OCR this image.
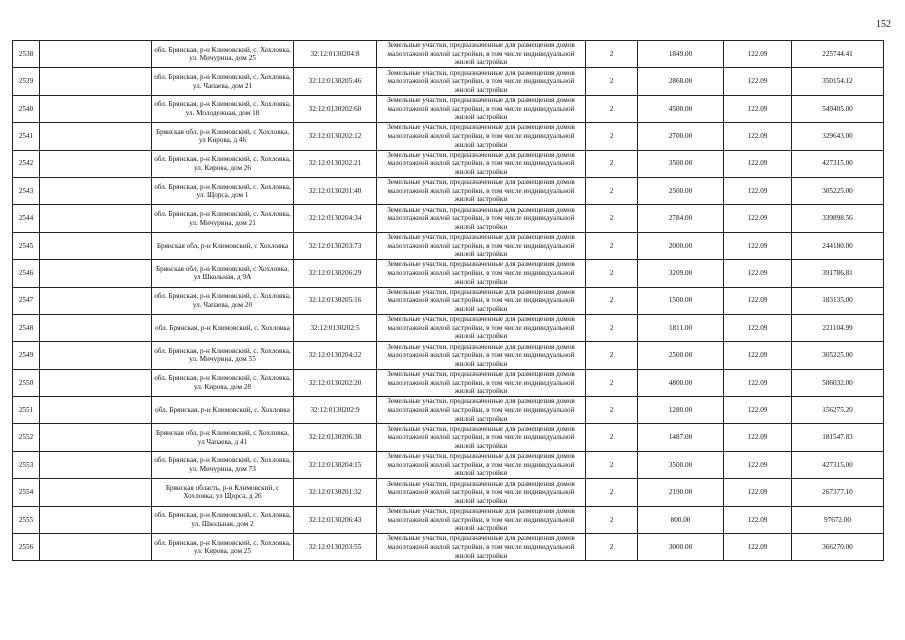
152
2538		обл. Брянская, р-н Климовский, с. Хохловка, ул. Мичурина, дом 25	32:12:0130204:8	Земельные участки, предназначенные для размещения домов малоэтажной жилой застройки, в том числе индивидуальной жилой застройки	2	1849.00	122.09	225744.41
2539		обл. Брянская, р-н Климовский, с. Хохловка, ул. Чапаева, дом 21	32:12:0130205:46	Земельные участки, предназначенные для размещения домов малоэтажной жилой застройки, в том числе индивидуальной жилой застройки	2	2868.00	122.09	350154.12
2540		обл. Брянская, р-н Климовский, с. Хохловка, ул. Молодежная, дом 18	32:12:0130202:60	Земельные участки, предназначенные для размещения домов малоэтажной жилой застройки, в том числе индивидуальной жилой застройки	2	4500.00	122.09	549405.00
2541		Брянская обл, р-н Климовский, с Хохловка, ул Кирова, д 46	32:12:0130202:12	Земельные участки, предназначенные для размещения домов малоэтажной жилой застройки, в том числе индивидуальной жилой застройки	2	2700.00	122.09	329643.00
2542		обл. Брянская, р-н Климовский, с. Хохловка, ул. Кирова, дом 26	32:12:0130202:21	Земельные участки, предназначенные для размещения домов малоэтажной жилой застройки, в том числе индивидуальной жилой застройки	2	3500.00	122.09	427315.00
2543		обл. Брянская, р-н Климовский, с. Хохловка, ул. Щорса, дом 1	32:12:0130201:40	Земельные участки, предназначенные для размещения домов малоэтажной жилой застройки, в том числе индивидуальной жилой застройки	2	2500.00	122.09	305225.00
2544		обл. Брянская, р-н Климовский, с. Хохловка, ул. Мичурина, дом 21	32:12:0130204:34	Земельные участки, предназначенные для размещения домов малоэтажной жилой застройки, в том числе индивидуальной жилой застройки	2	2784.00	122.09	339898.56
2545		Брянская обл, р-н Климовский, с Хохловка	32:12:0130203:73	Земельные участки, предназначенные для размещения домов малоэтажной жилой застройки, в том числе индивидуальной жилой застройки	2	2000.00	122.09	244180.00
2546		Брянская обл, р-н Климовский, с Хохловка, ул Школьная, д 9А	32:12:0130206:29	Земельные участки, предназначенные для размещения домов малоэтажной жилой застройки, в том числе индивидуальной жилой застройки	2	3209.00	122.09	391786.81
2547		обл. Брянская, р-н Климовский, с. Хохловка, ул. Чапаева, дом 20	32:12:0130205:16	Земельные участки, предназначенные для размещения домов малоэтажной жилой застройки, в том числе индивидуальной жилой застройки	2	1500.00	122.09	183135.00
2548		обл. Брянская, р-н Климовский, с. Хохловка	32:12:0130202:5	Земельные участки, предназначенные для размещения домов малоэтажной жилой застройки, в том числе индивидуальной жилой застройки	2	1811.00	122.09	221104.99
2549		обл. Брянская, р-н Климовский, с. Хохловка, ул. Мичурина, дом 55	32:12:0130204:22	Земельные участки, предназначенные для размещения домов малоэтажной жилой застройки, в том числе индивидуальной жилой застройки	2	2500.00	122.09	305225.00
2550		обл. Брянская, р-н Климовский, с. Хохловка, ул. Кирова, дом 28	32:12:0130202:20	Земельные участки, предназначенные для размещения домов малоэтажной жилой застройки, в том числе индивидуальной жилой застройки	2	4800.00	122.09	586032.00
2551		обл. Брянская, р-н Климовский, с. Хохловка	32:12:0130202:9	Земельные участки, предназначенные для размещения домов малоэтажной жилой застройки, в том числе индивидуальной жилой застройки	2	1280.00	122.09	156275.20
2552		Брянская обл, р-н Климовский, с Хохловка, ул Чапаева, д 41	32:12:0130206:38	Земельные участки, предназначенные для размещения домов малоэтажной жилой застройки, в том числе индивидуальной жилой застройки	2	1487.00	122.09	181547.83
2553		обл. Брянская, р-н Климовский, с. Хохловка, ул. Мичурина, дом 73	32:12:0130204:15	Земельные участки, предназначенные для размещения домов малоэтажной жилой застройки, в том числе индивидуальной жилой застройки	2	3500.00	122.09	427315.00
2554		Брянская область, р-н Климовский, с Хохловка, ул Щорса, д 26	32:12:0130201:32	Земельные участки, предназначенные для размещения домов малоэтажной жилой застройки, в том числе индивидуальной жилой застройки	2	2190.00	122.09	267377.10
2555		обл. Брянская, р-н Климовский, с. Хохловка, ул. Школьная, дом 2	32:12:0130206:43	Земельные участки, предназначенные для размещения домов малоэтажной жилой застройки, в том числе индивидуальной жилой застройки	2	800.00	122.09	97672.00
2556		обл. Брянская, р-н Климовский, с. Хохловка, ул. Кирова, дом 25	32:12:0130203:55	Земельные участки, предназначенные для размещения домов малоэтажной жилой застройки, в том числе индивидуальной жилой застройки	2	3000.00	122.09	366270.00
